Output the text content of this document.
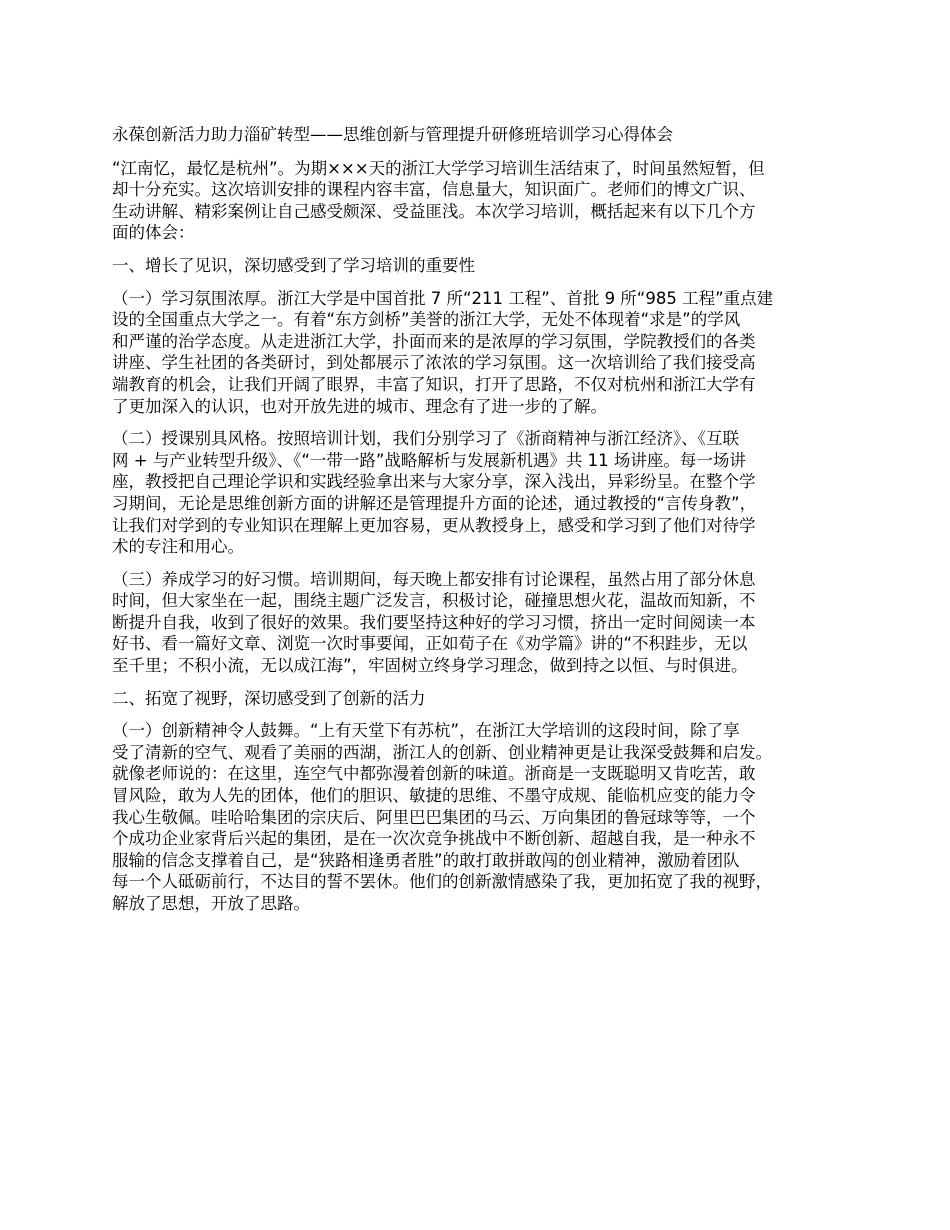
永葆创新活力助力淄矿转型——思维创新与管理提升研修班培训学习心得体会
“江南忆，最忆是杭州”。为期×××天的浙江大学学习培训生活结束了，时间虽然短暂，但
却十分充实。这次培训安排的课程内容丰富，信息量大，知识面广。老师们的博文广识、
生动讲解、精彩案例让自己感受颇深、受益匪浅。本次学习培训，概括起来有以下几个方
面的体会：
一、增长了见识，深切感受到了学习培训的重要性
（一）学习氛围浓厚。浙江大学是中国首批 7 所“211 工程”、首批 9 所“985 工程”重点建
设的全国重点大学之一。有着“东方剑桥”美誉的浙江大学，无处不体现着“求是”的学风
和严谨的治学态度。从走进浙江大学，扑面而来的是浓厚的学习氛围，学院教授们的各类
讲座、学生社团的各类研讨，到处都展示了浓浓的学习氛围。这一次培训给了我们接受高
端教育的机会，让我们开阔了眼界，丰富了知识，打开了思路，不仅对杭州和浙江大学有
了更加深入的认识，也对开放先进的城市、理念有了进一步的了解。
（二）授课别具风格。按照培训计划，我们分别学习了《浙商精神与浙江经济》、《互联
网 + 与产业转型升级》、《“一带一路”战略解析与发展新机遇》共 11 场讲座。每一场讲
座，教授把自己理论学识和实践经验拿出来与大家分享，深入浅出，异彩纷呈。在整个学
习期间，无论是思维创新方面的讲解还是管理提升方面的论述，通过教授的“言传身教”，
让我们对学到的专业知识在理解上更加容易，更从教授身上，感受和学习到了他们对待学
术的专注和用心。
（三）养成学习的好习惯。培训期间，每天晚上都安排有讨论课程，虽然占用了部分休息
时间，但大家坐在一起，围绕主题广泛发言，积极讨论，碰撞思想火花，温故而知新，不
断提升自我，收到了很好的效果。我们要坚持这种好的学习习惯，挤出一定时间阅读一本
好书、看一篇好文章、浏览一次时事要闻，正如荀子在《劝学篇》讲的“不积跬步，无以
至千里；不积小流，无以成江海”，牢固树立终身学习理念，做到持之以恒、与时俱进。
二、拓宽了视野，深切感受到了创新的活力
（一）创新精神令人鼓舞。“上有天堂下有苏杭”，在浙江大学培训的这段时间，除了享
受了清新的空气、观看了美丽的西湖，浙江人的创新、创业精神更是让我深受鼓舞和启发。
就像老师说的：在这里，连空气中都弥漫着创新的味道。浙商是一支既聪明又肯吃苦，敢
冒风险，敢为人先的团体，他们的胆识、敏捷的思维、不墨守成规、能临机应变的能力令
我心生敬佩。哇哈哈集团的宗庆后、阿里巴巴集团的马云、万向集团的鲁冠球等等，一个
个成功企业家背后兴起的集团，是在一次次竞争挑战中不断创新、超越自我，是一种永不
服输的信念支撑着自己，是“狭路相逢勇者胜”的敢打敢拼敢闯的创业精神，激励着团队
每一个人砥砺前行，不达目的誓不罢休。他们的创新激情感染了我，更加拓宽了我的视野，
解放了思想，开放了思路。
